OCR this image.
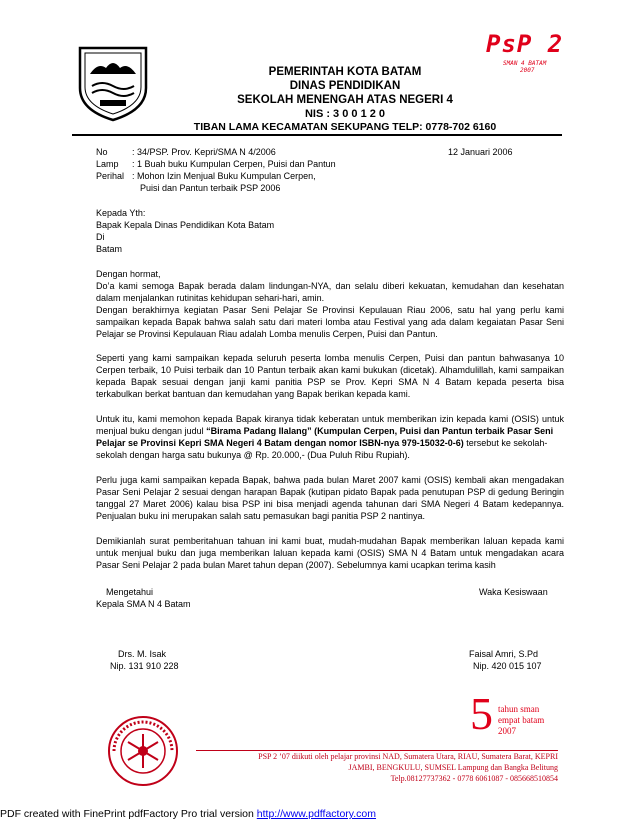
PsP 2
SMAN 4 BATAM
2007
PEMERINTAH KOTA BATAM
DINAS PENDIDIKAN
SEKOLAH MENENGAH ATAS NEGERI 4
NIS : 3 0 0 1 2 0
TIBAN LAMA KECAMATAN SEKUPANG TELP: 0778-702 6160
No	: 34/PSP. Prov. Kepri/SMA N 4/2006	12 Januari 2006
Lamp : 1 Buah buku Kumpulan Cerpen, Puisi dan Pantun
Perihal : Mohon Izin Menjual Buku Kumpulan Cerpen,
Puisi dan Pantun terbaik PSP 2006
Kepada Yth:
Bapak Kepala Dinas Pendidikan Kota Batam
Di
Batam
Dengan hormat,
Do’a kami semoga Bapak berada dalam lindungan-NYA, dan selalu diberi kekuatan, kemudahan dan kesehatan
dalam menjalankan rutinitas kehidupan sehari-hari, amin.
Dengan berakhirnya kegiatan Pasar Seni Pelajar Se Provinsi Kepulauan Riau 2006, satu hal yang perlu kami
sampaikan kepada Bapak bahwa salah satu dari materi lomba atau Festival yang ada dalam kegaiatan Pasar Seni
Pelajar se Provinsi Kepulauan Riau adalah Lomba menulis Cerpen, Puisi dan Pantun.
Seperti yang kami sampaikan kepada seluruh peserta lomba menulis Cerpen, Puisi dan pantun bahwasanya 10
Cerpen terbaik, 10 Puisi terbaik dan 10 Pantun terbaik akan kami bukukan (dicetak). Alhamdulillah, kami sampaikan
kepada Bapak sesuai dengan janji kami panitia PSP se Prov. Kepri SMA N 4 Batam kepada peserta bisa
terkabulkan berkat bantuan dan kemudahan yang Bapak berikan kepada kami.
Untuk itu, kami memohon kepada Bapak kiranya tidak keberatan untuk memberikan izin kepada kami (OSIS) untuk
menjual buku dengan judul “Birama Padang Ilalang” (Kumpulan Cerpen, Puisi dan Pantun terbaik Pasar Seni
Pelajar se Provinsi Kepri SMA Negeri 4 Batam dengan nomor ISBN-nya 979-15032-0-6) tersebut ke sekolah-
sekolah dengan harga satu bukunya @ Rp. 20.000,- (Dua Puluh Ribu Rupiah).
Perlu juga kami sampaikan kepada Bapak, bahwa pada bulan Maret 2007 kami (OSIS) kembali akan mengadakan
Pasar Seni Pelajar 2 sesuai dengan harapan Bapak (kutipan pidato Bapak pada penutupan PSP di gedung Beringin
tanggal 27 Maret 2006) kalau bisa PSP ini bisa menjadi agenda tahunan dari SMA Negeri 4 Batam kedepannya.
Penjualan buku ini merupakan salah satu pemasukan bagi panitia PSP 2 nantinya.
Demikianlah surat pemberitahuan tahuan ini kami buat, mudah-mudahan Bapak memberikan laluan kepada kami
untuk menjual buku dan juga memberikan laluan kepada kami (OSIS) SMA N 4 Batam untuk mengadakan acara
Pasar Seni Pelajar 2 pada bulan Maret tahun depan (2007). Sebelumnya kami ucapkan terima kasih
Mengetahui
Kepala SMA N 4 Batam
Waka Kesiswaan
Drs. M. Isak
Nip. 131 910 228
Faisal Amri, S.Pd
Nip. 420 015 107
5 tahun sman
empat batam
2007
PSP 2 ’07 diikuti oleh pelajar provinsi NAD, Sumatera Utara, RIAU, Sumatera Barat, KEPRI
JAMBI, BENGKULU, SUMSEL Lampung dan Bangka Belitung
Telp.08127737362 - 0778 6061087 - 085668510854
PDF created with FinePrint pdfFactory Pro trial version http://www.pdffactory.com
